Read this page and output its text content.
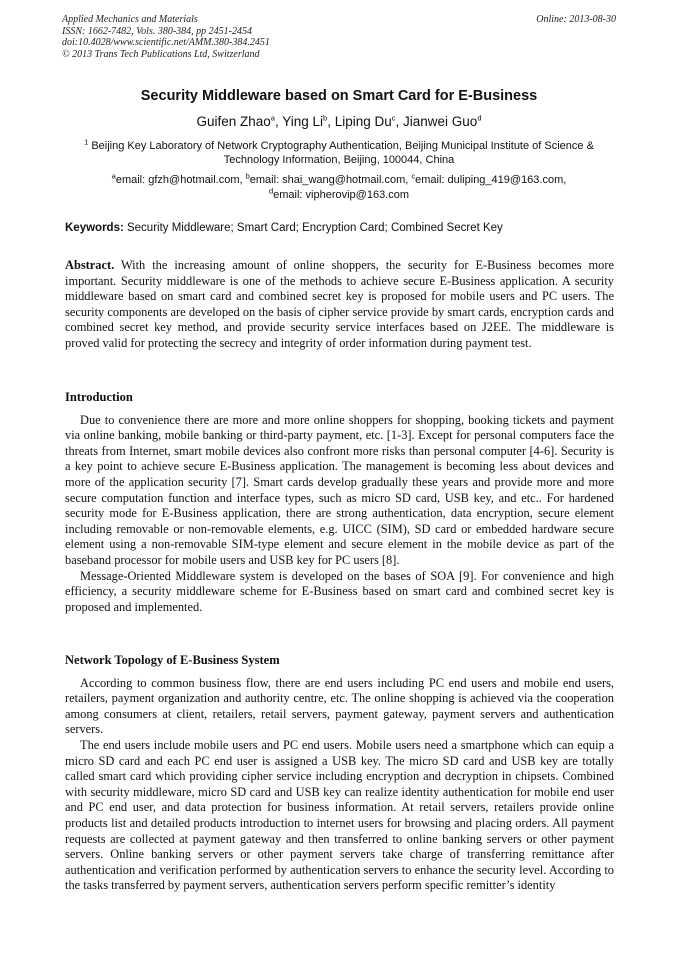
Applied Mechanics and Materials
ISSN: 1662-7482, Vols. 380-384, pp 2451-2454
doi:10.4028/www.scientific.net/AMM.380-384.2451
© 2013 Trans Tech Publications Ltd, Switzerland
Online: 2013-08-30
Security Middleware based on Smart Card for E-Business
Guifen Zhao$^a$, Ying Li$^b$, Liping Du$^c$, Jianwei Guo$^d$
$^1$ Beijing Key Laboratory of Network Cryptography Authentication, Beijing Municipal Institute of Science & Technology Information, Beijing, 100044, China
$^a$email: gfzh@hotmail.com, $^b$email: shai_wang@hotmail.com, $^c$email: duliping_419@163.com,
$^d$email: vipherovip@163.com
Keywords: Security Middleware; Smart Card; Encryption Card; Combined Secret Key
Abstract. With the increasing amount of online shoppers, the security for E-Business becomes more important. Security middleware is one of the methods to achieve secure E-Business application. A security middleware based on smart card and combined secret key is proposed for mobile users and PC users. The security components are developed on the basis of cipher service provide by smart cards, encryption cards and combined secret key method, and provide security service interfaces based on J2EE. The middleware is proved valid for protecting the secrecy and integrity of order information during payment test.
Introduction

Due to convenience there are more and more online shoppers for shopping, booking tickets and payment via online banking, mobile banking or third-party payment, etc. [1-3]. Except for personal computers face the threats from Internet, smart mobile devices also confront more risks than personal computer [4-6]. Security is a key point to achieve secure E-Business application. The management is becoming less about devices and more of the application security [7]. Smart cards develop gradually these years and provide more and more secure computation function and interface types, such as micro SD card, USB key, and etc.. For hardened security mode for E-Business application, there are strong authentication, data encryption, secure element including removable or non-removable elements, e.g. UICC (SIM), SD card or embedded hardware secure element using a non-removable SIM-type element and secure element in the mobile device as part of the baseband processor for mobile users and USB key for PC users [8].

Message-Oriented Middleware system is developed on the bases of SOA [9]. For convenience and high efficiency, a security middleware scheme for E-Business based on smart card and combined secret key is proposed and implemented.

Network Topology of E-Business System

According to common business flow, there are end users including PC end users and mobile end users, retailers, payment organization and authority centre, etc. The online shopping is achieved via the cooperation among consumers at client, retailers, retail servers, payment gateway, payment servers and authentication servers.

The end users include mobile users and PC end users. Mobile users need a smartphone which can equip a micro SD card and each PC end user is assigned a USB key. The micro SD card and USB key are totally called smart card which providing cipher service including encryption and decryption in chipsets. Combined with security middleware, micro SD card and USB key can realize identity authentication for mobile end user and PC end user, and data protection for business information. At retail servers, retailers provide online products list and detailed products introduction to internet users for browsing and placing orders. All payment requests are collected at payment gateway and then transferred to online banking servers or other payment servers. Online banking servers or other payment servers take charge of transferring remittance after authentication and verification performed by authentication servers to enhance the security level. According to the tasks transferred by payment servers, authentication servers perform specific remitter’s identity
